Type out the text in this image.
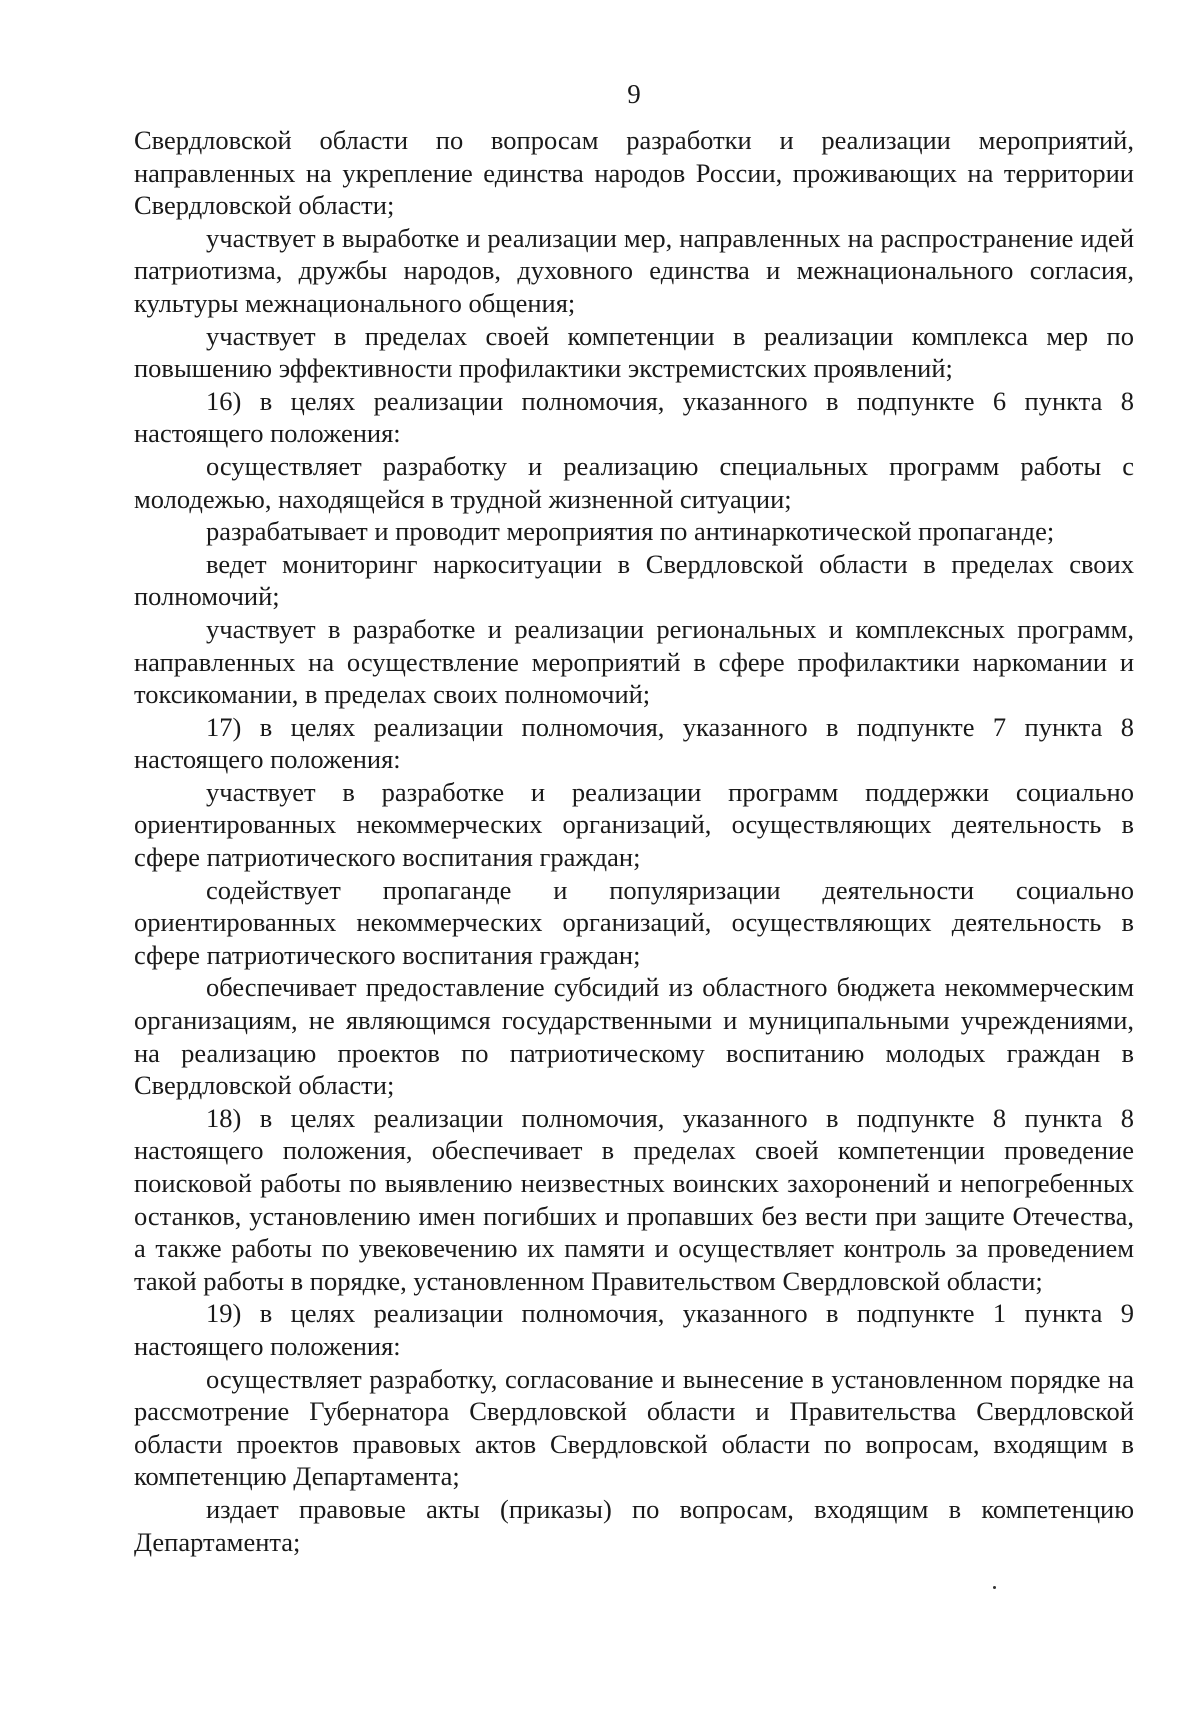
9

Свердловской области по вопросам разработки и реализации мероприятий, направленных на укрепление единства народов России, проживающих на территории Свердловской области;

участвует в выработке и реализации мер, направленных на распространение идей патриотизма, дружбы народов, духовного единства и межнационального согласия, культуры межнационального общения;

участвует в пределах своей компетенции в реализации комплекса мер по повышению эффективности профилактики экстремистских проявлений;

16) в целях реализации полномочия, указанного в подпункте 6 пункта 8 настоящего положения:

осуществляет разработку и реализацию специальных программ работы с молодежью, находящейся в трудной жизненной ситуации;

разрабатывает и проводит мероприятия по антинаркотической пропаганде;

ведет мониторинг наркоситуации в Свердловской области в пределах своих полномочий;

участвует в разработке и реализации региональных и комплексных программ, направленных на осуществление мероприятий в сфере профилактики наркомании и токсикомании, в пределах своих полномочий;

17) в целях реализации полномочия, указанного в подпункте 7 пункта 8 настоящего положения:

участвует в разработке и реализации программ поддержки социально ориентированных некоммерческих организаций, осуществляющих деятельность в сфере патриотического воспитания граждан;

содействует пропаганде и популяризации деятельности социально ориентированных некоммерческих организаций, осуществляющих деятельность в сфере патриотического воспитания граждан;

обеспечивает предоставление субсидий из областного бюджета некоммерческим организациям, не являющимся государственными и муниципальными учреждениями, на реализацию проектов по патриотическому воспитанию молодых граждан в Свердловской области;

18) в целях реализации полномочия, указанного в подпункте 8 пункта 8 настоящего положения, обеспечивает в пределах своей компетенции проведение поисковой работы по выявлению неизвестных воинских захоронений и непогребенных останков, установлению имен погибших и пропавших без вести при защите Отечества, а также работы по увековечению их памяти и осуществляет контроль за проведением такой работы в порядке, установленном Правительством Свердловской области;

19) в целях реализации полномочия, указанного в подпункте 1 пункта 9 настоящего положения:

осуществляет разработку, согласование и вынесение в установленном порядке на рассмотрение Губернатора Свердловской области и Правительства Свердловской области проектов правовых актов Свердловской области по вопросам, входящим в компетенцию Департамента;

издает правовые акты (приказы) по вопросам, входящим в компетенцию Департамента;
